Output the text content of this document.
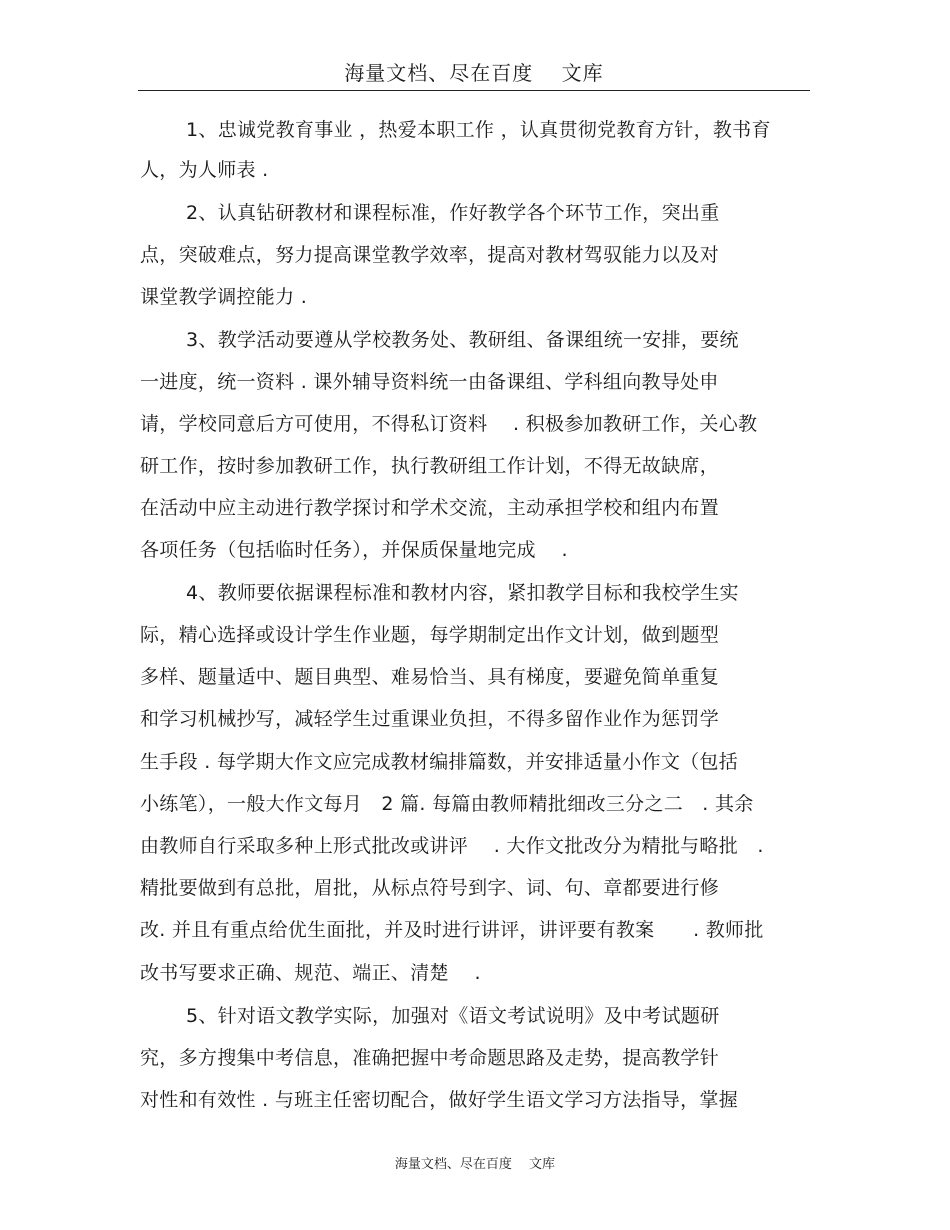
海量文档、尽在百度　 文库
1、忠诚党教育事业 ，热爱本职工作 ，认真贯彻党教育方针，教书育
人，为人师表 .
2、认真钻研教材和课程标准，作好教学各个环节工作，突出重
点，突破难点，努力提高课堂教学效率，提高对教材驾驭能力以及对
课堂教学调控能力 .
3、教学活动要遵从学校教务处、教研组、备课组统一安排，要统
一进度，统一资料 . 课外辅导资料统一由备课组、学科组向教导处申
请，学校同意后方可使用，不得私订资料　 . 积极参加教研工作，关心教
研工作，按时参加教研工作，执行教研组工作计划，不得无故缺席，
在活动中应主动进行教学探讨和学术交流，主动承担学校和组内布置
各项任务（包括临时任务），并保质保量地完成　 .
4、教师要依据课程标准和教材内容，紧扣教学目标和我校学生实
际，精心选择或设计学生作业题，每学期制定出作文计划，做到题型
多样、题量适中、题目典型、难易恰当、具有梯度，要避免简单重复
和学习机械抄写，减轻学生过重课业负担，不得多留作业作为惩罚学
生手段 . 每学期大作文应完成教材编排篇数，并安排适量小作文（包括
小练笔），一般大作文每月　2 篇. 每篇由教师精批细改三分之二　. 其余
由教师自行采取多种上形式批改或讲评　 . 大作文批改分为精批与略批　.
精批要做到有总批，眉批，从标点符号到字、词、句、章都要进行修
改. 并且有重点给优生面批，并及时进行讲评，讲评要有教案　　. 教师批
改书写要求正确、规范、端正、清楚　 .
5、针对语文教学实际，加强对《语文考试说明》及中考试题研
究，多方搜集中考信息，准确把握中考命题思路及走势，提高教学针
对性和有效性 . 与班主任密切配合，做好学生语文学习方法指导，掌握
海量文档、尽在百度　 文库
